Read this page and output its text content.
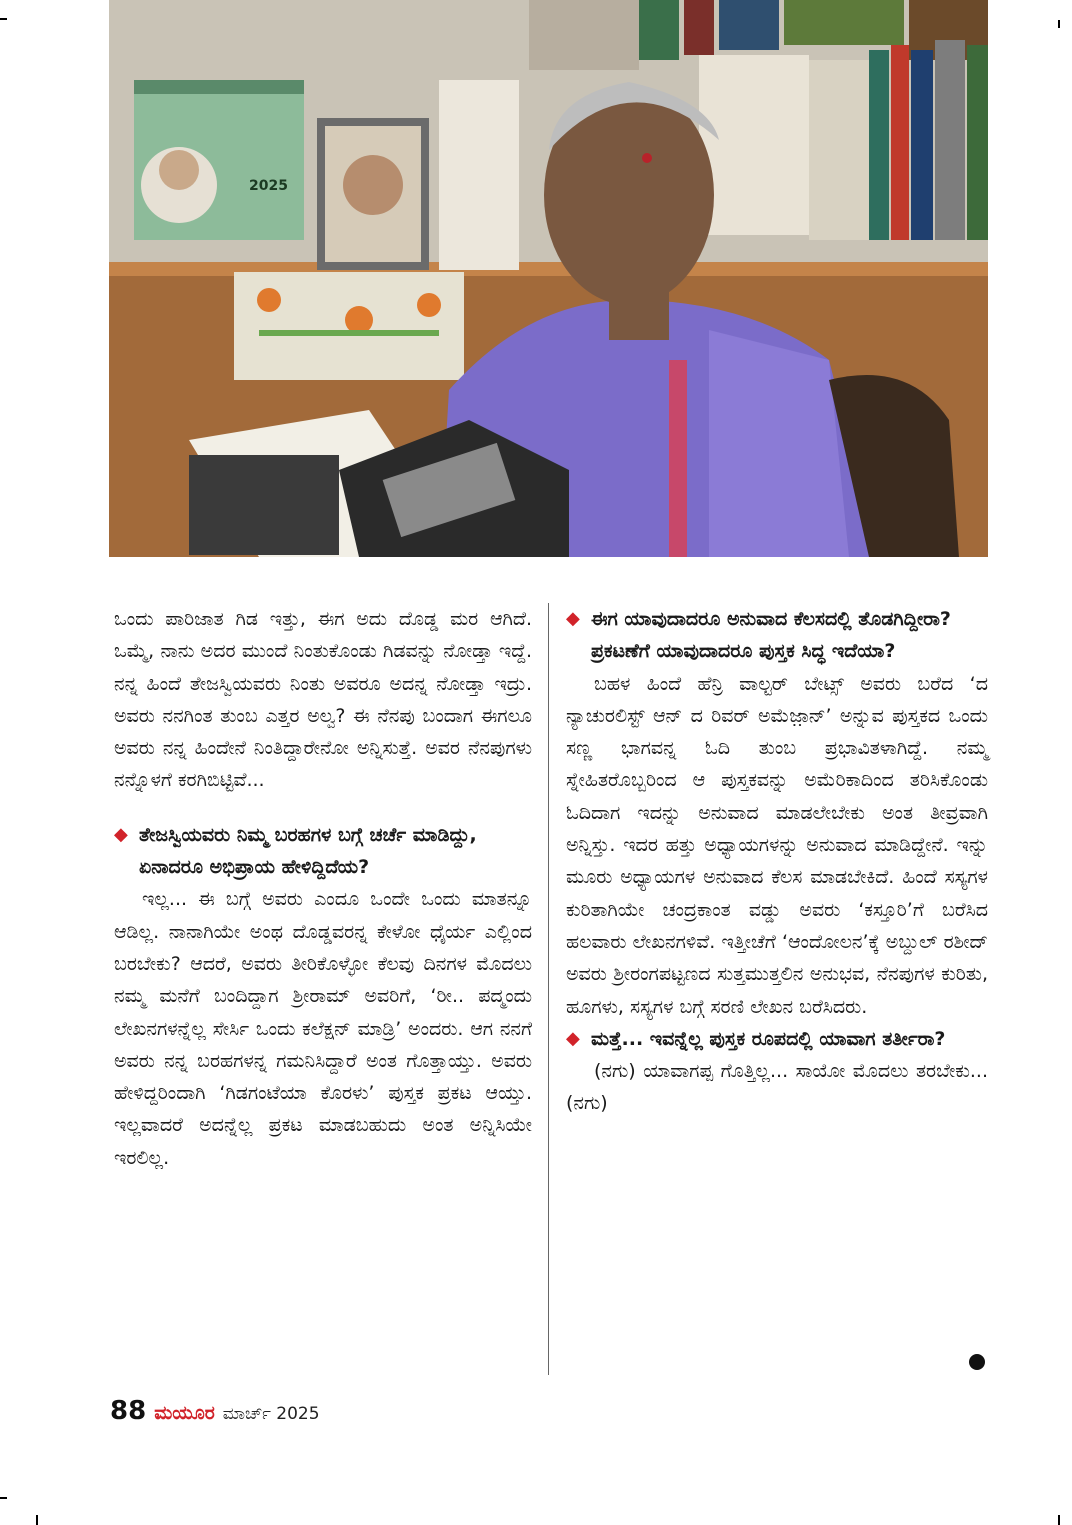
2025

ಒಂದು ಪಾರಿಜಾತ ಗಿಡ ಇತ್ತು, ಈಗ ಅದು ದೊಡ್ಡ ಮರ ಆಗಿದೆ. ಒಮ್ಮೆ, ನಾನು ಅದರ ಮುಂದೆ ನಿಂತುಕೊಂಡು ಗಿಡವನ್ನು ನೋಡ್ತಾ ಇದ್ದೆ. ನನ್ನ ಹಿಂದೆ ತೇಜಸ್ವಿಯವರು ನಿಂತು ಅವರೂ ಅದನ್ನ ನೋಡ್ತಾ ಇದ್ರು. ಅವರು ನನಗಿಂತ ತುಂಬ ಎತ್ತರ ಅಲ್ವ? ಈ ನೆನಪು ಬಂದಾಗ ಈಗಲೂ ಅವರು ನನ್ನ ಹಿಂದೇನೆ ನಿಂತಿದ್ದಾರೇನೋ ಅನ್ನಿಸುತ್ತೆ. ಅವರ ನೆನಪುಗಳು ನನ್ನೊಳಗೆ ಕರಗಿಬಿಟ್ಟಿವೆ...

◆ ತೇಜಸ್ವಿಯವರು ನಿಮ್ಮ ಬರಹಗಳ ಬಗ್ಗೆ ಚರ್ಚೆ ಮಾಡಿದ್ದು, ಏನಾದರೂ ಅಭಿಪ್ರಾಯ ಹೇಳಿದ್ದಿದೆಯ?

ಇಲ್ಲ... ಈ ಬಗ್ಗೆ ಅವರು ಎಂದೂ ಒಂದೇ ಒಂದು ಮಾತನ್ನೂ ಆಡಿಲ್ಲ. ನಾನಾಗಿಯೇ ಅಂಥ ದೊಡ್ಡವರನ್ನ ಕೇಳೋ ಧೈರ್ಯ ಎಲ್ಲಿಂದ ಬರಬೇಕು? ಆದರೆ, ಅವರು ತೀರಿಕೊಳ್ಳೋ ಕೆಲವು ದಿನಗಳ ಮೊದಲು ನಮ್ಮ ಮನೆಗೆ ಬಂದಿದ್ದಾಗ ಶ್ರೀರಾಮ್ ಅವರಿಗೆ, ‘ರೀ.. ಪದ್ಮಂದು ಲೇಖನಗಳನ್ನೆಲ್ಲ ಸೇರ್ಸಿ ಒಂದು ಕಲೆಕ್ಷನ್ ಮಾಡ್ರಿ’ ಅಂದರು. ಆಗ ನನಗೆ ಅವರು ನನ್ನ ಬರಹಗಳನ್ನ ಗಮನಿಸಿದ್ದಾರೆ ಅಂತ ಗೊತ್ತಾಯ್ತು. ಅವರು ಹೇಳಿದ್ದರಿಂದಾಗಿ ‘ಗಿಡಗಂಟೆಯಾ ಕೊರಳು’ ಪುಸ್ತಕ ಪ್ರಕಟ ಆಯ್ತು. ಇಲ್ಲವಾದರೆ ಅದನ್ನೆಲ್ಲ ಪ್ರಕಟ ಮಾಡಬಹುದು ಅಂತ ಅನ್ನಿಸಿಯೇ ಇರಲಿಲ್ಲ.

◆ ಈಗ ಯಾವುದಾದರೂ ಅನುವಾದ ಕೆಲಸದಲ್ಲಿ ತೊಡಗಿದ್ದೀರಾ? ಪ್ರಕಟಣೆಗೆ ಯಾವುದಾದರೂ ಪುಸ್ತಕ ಸಿದ್ಧ ಇದೆಯಾ?

ಬಹಳ ಹಿಂದೆ ಹೆನ್ರಿ ವಾಲ್ಟರ್ ಬೇಟ್ಸ್ ಅವರು ಬರೆದ ‘ದ ನ್ಯಾಚುರಲಿಸ್ಟ್ ಆನ್ ದ ರಿವರ್ ಅಮೆಜ಼ಾನ್’ ಅನ್ನುವ ಪುಸ್ತಕದ ಒಂದು ಸಣ್ಣ ಭಾಗವನ್ನ ಓದಿ ತುಂಬ ಪ್ರಭಾವಿತಳಾಗಿದ್ದೆ. ನಮ್ಮ ಸ್ನೇಹಿತರೊಬ್ಬರಿಂದ ಆ ಪುಸ್ತಕವನ್ನು ಅಮೆರಿಕಾದಿಂದ ತರಿಸಿಕೊಂಡು ಓದಿದಾಗ ಇದನ್ನು ಅನುವಾದ ಮಾಡಲೇಬೇಕು ಅಂತ ತೀವ್ರವಾಗಿ ಅನ್ನಿಸ್ತು. ಇದರ ಹತ್ತು ಅಧ್ಯಾಯಗಳನ್ನು ಅನುವಾದ ಮಾಡಿದ್ದೇನೆ. ಇನ್ನು ಮೂರು ಅಧ್ಯಾಯಗಳ ಅನುವಾದ ಕೆಲಸ ಮಾಡಬೇಕಿದೆ. ಹಿಂದೆ ಸಸ್ಯಗಳ ಕುರಿತಾಗಿಯೇ ಚಂದ್ರಕಾಂತ ವಡ್ಡು ಅವರು ‘ಕಸ್ತೂರಿ’ಗೆ ಬರೆಸಿದ ಹಲವಾರು ಲೇಖನಗಳಿವೆ. ಇತ್ತೀಚೆಗೆ ‘ಆಂದೋಲನ’ಕ್ಕೆ ಅಬ್ದುಲ್ ರಶೀದ್ ಅವರು ಶ್ರೀರಂಗಪಟ್ಟಣದ ಸುತ್ತಮುತ್ತಲಿನ ಅನುಭವ, ನೆನಪುಗಳ ಕುರಿತು, ಹೂಗಳು, ಸಸ್ಯಗಳ ಬಗ್ಗೆ ಸರಣಿ ಲೇಖನ ಬರೆಸಿದರು.

◆ ಮತ್ತೆ... ಇವನ್ನೆಲ್ಲ ಪುಸ್ತಕ ರೂಪದಲ್ಲಿ ಯಾವಾಗ ತರ್ತೀರಾ?

(ನಗು) ಯಾವಾಗಪ್ಪ ಗೊತ್ತಿಲ್ಲ... ಸಾಯೋ ಮೊದಲು ತರಬೇಕು... (ನಗು)

88 ಮಯೂರ ಮಾರ್ಚ್ 2025
